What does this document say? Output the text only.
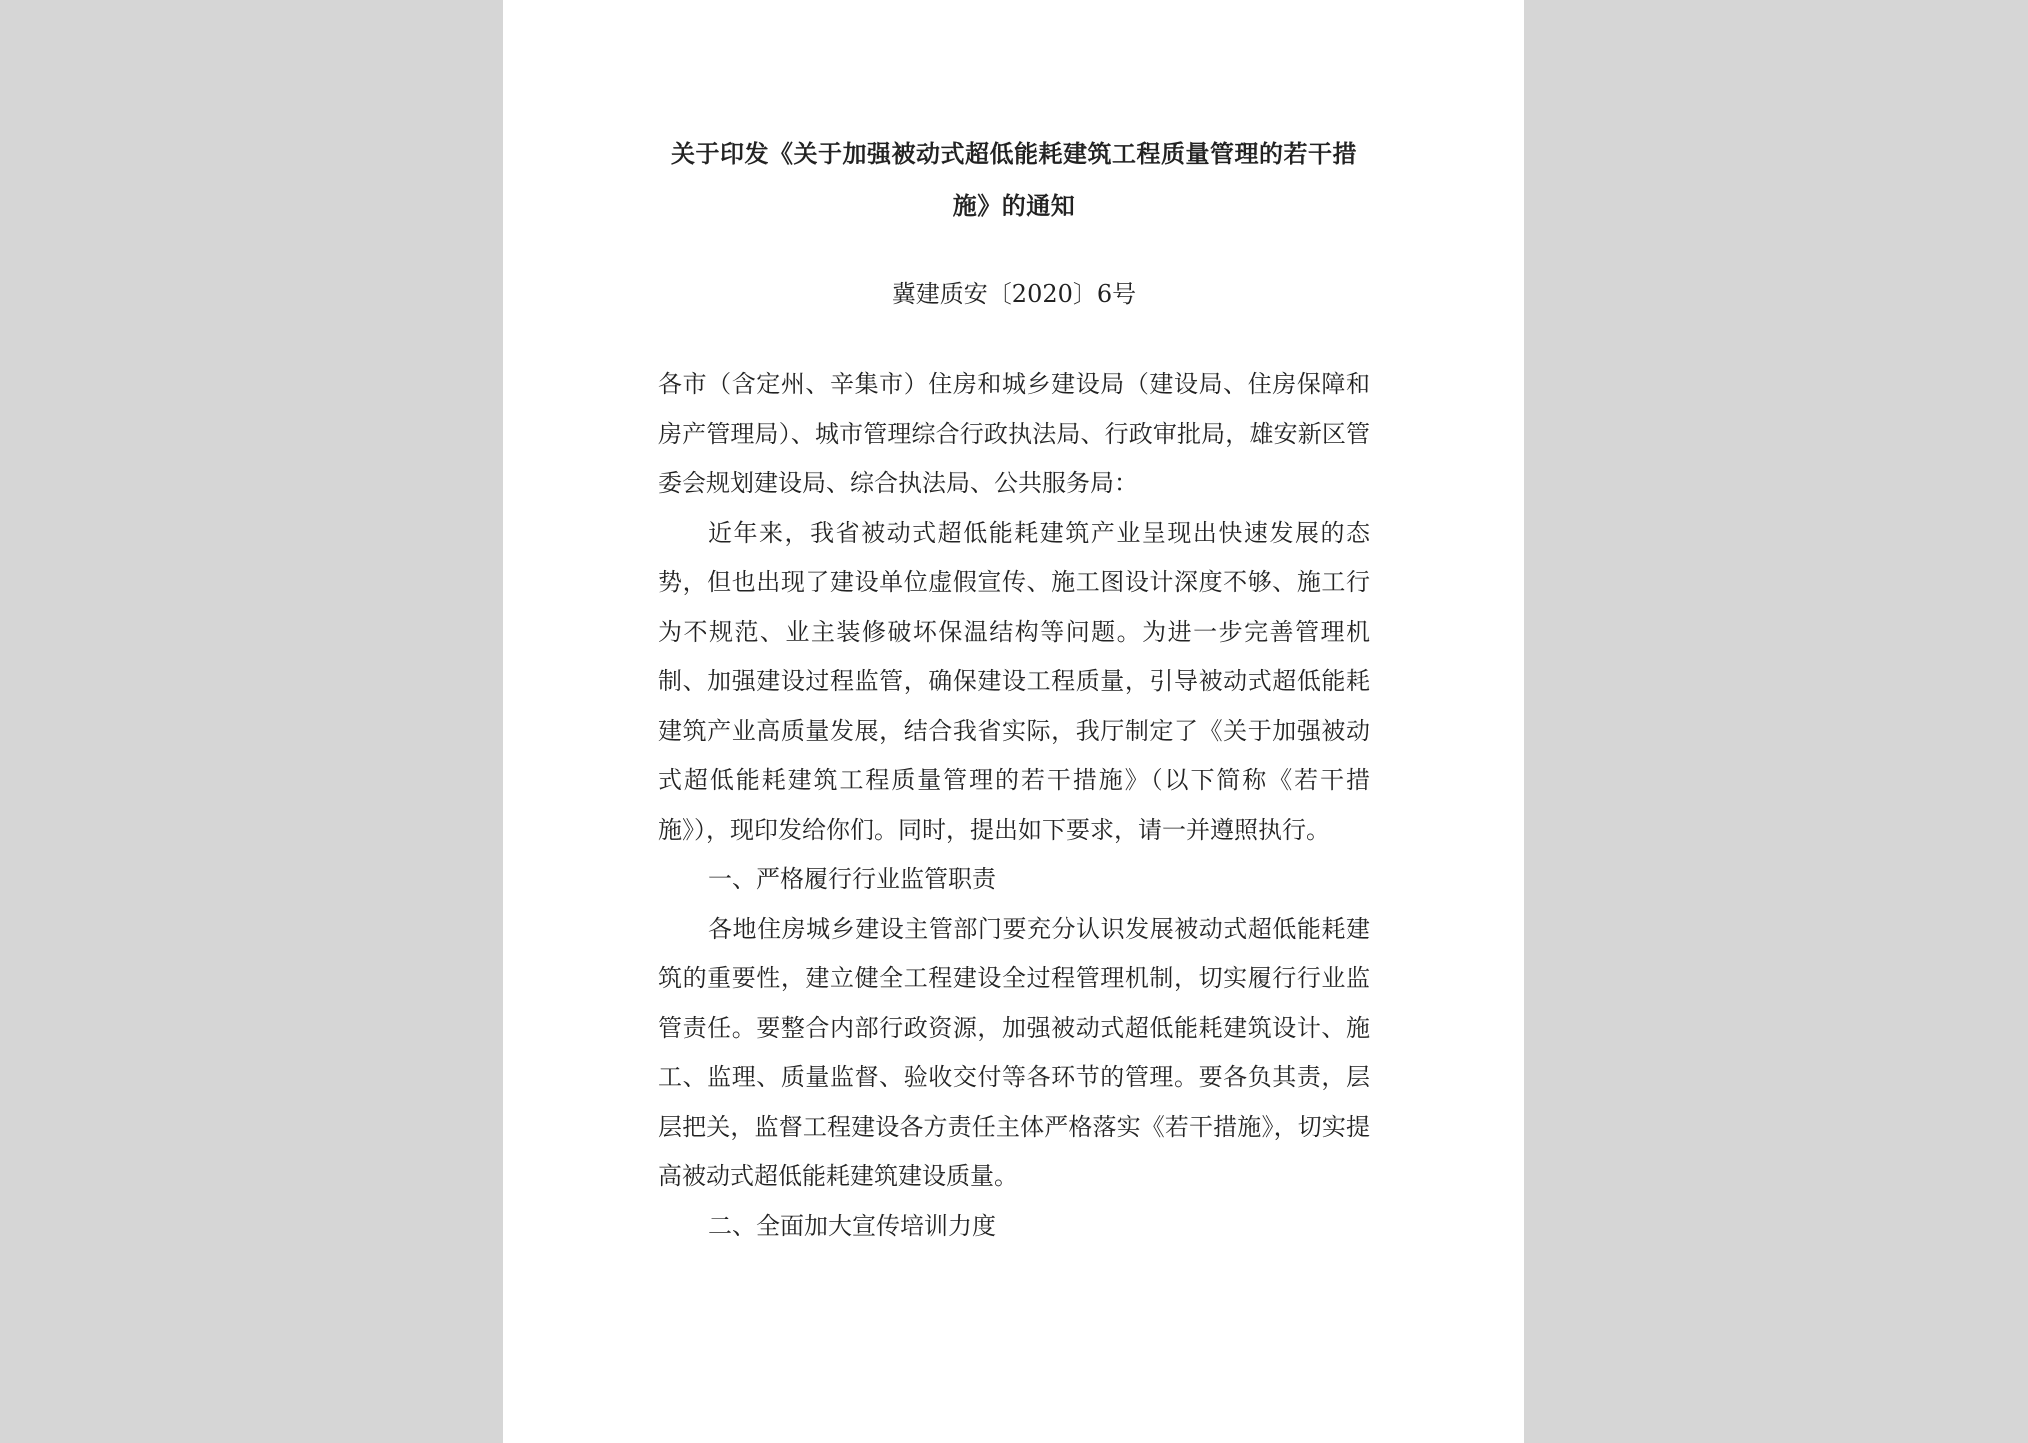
关于印发《关于加强被动式超低能耗建筑工程质量管理的若干措施》的通知
冀建质安〔2020〕6号

各市（含定州、辛集市）住房和城乡建设局（建设局、住房保障和房产管理局）、城市管理综合行政执法局、行政审批局，雄安新区管委会规划建设局、综合执法局、公共服务局：

近年来，我省被动式超低能耗建筑产业呈现出快速发展的态势，但也出现了建设单位虚假宣传、施工图设计深度不够、施工行为不规范、业主装修破坏保温结构等问题。为进一步完善管理机制、加强建设过程监管，确保建设工程质量，引导被动式超低能耗建筑产业高质量发展，结合我省实际，我厅制定了《关于加强被动式超低能耗建筑工程质量管理的若干措施》（以下简称《若干措施》），现印发给你们。同时，提出如下要求，请一并遵照执行。

一、严格履行行业监管职责

各地住房城乡建设主管部门要充分认识发展被动式超低能耗建筑的重要性，建立健全工程建设全过程管理机制，切实履行行业监管责任。要整合内部行政资源，加强被动式超低能耗建筑设计、施工、监理、质量监督、验收交付等各环节的管理。要各负其责，层层把关，监督工程建设各方责任主体严格落实《若干措施》，切实提高被动式超低能耗建筑建设质量。

二、全面加大宣传培训力度
